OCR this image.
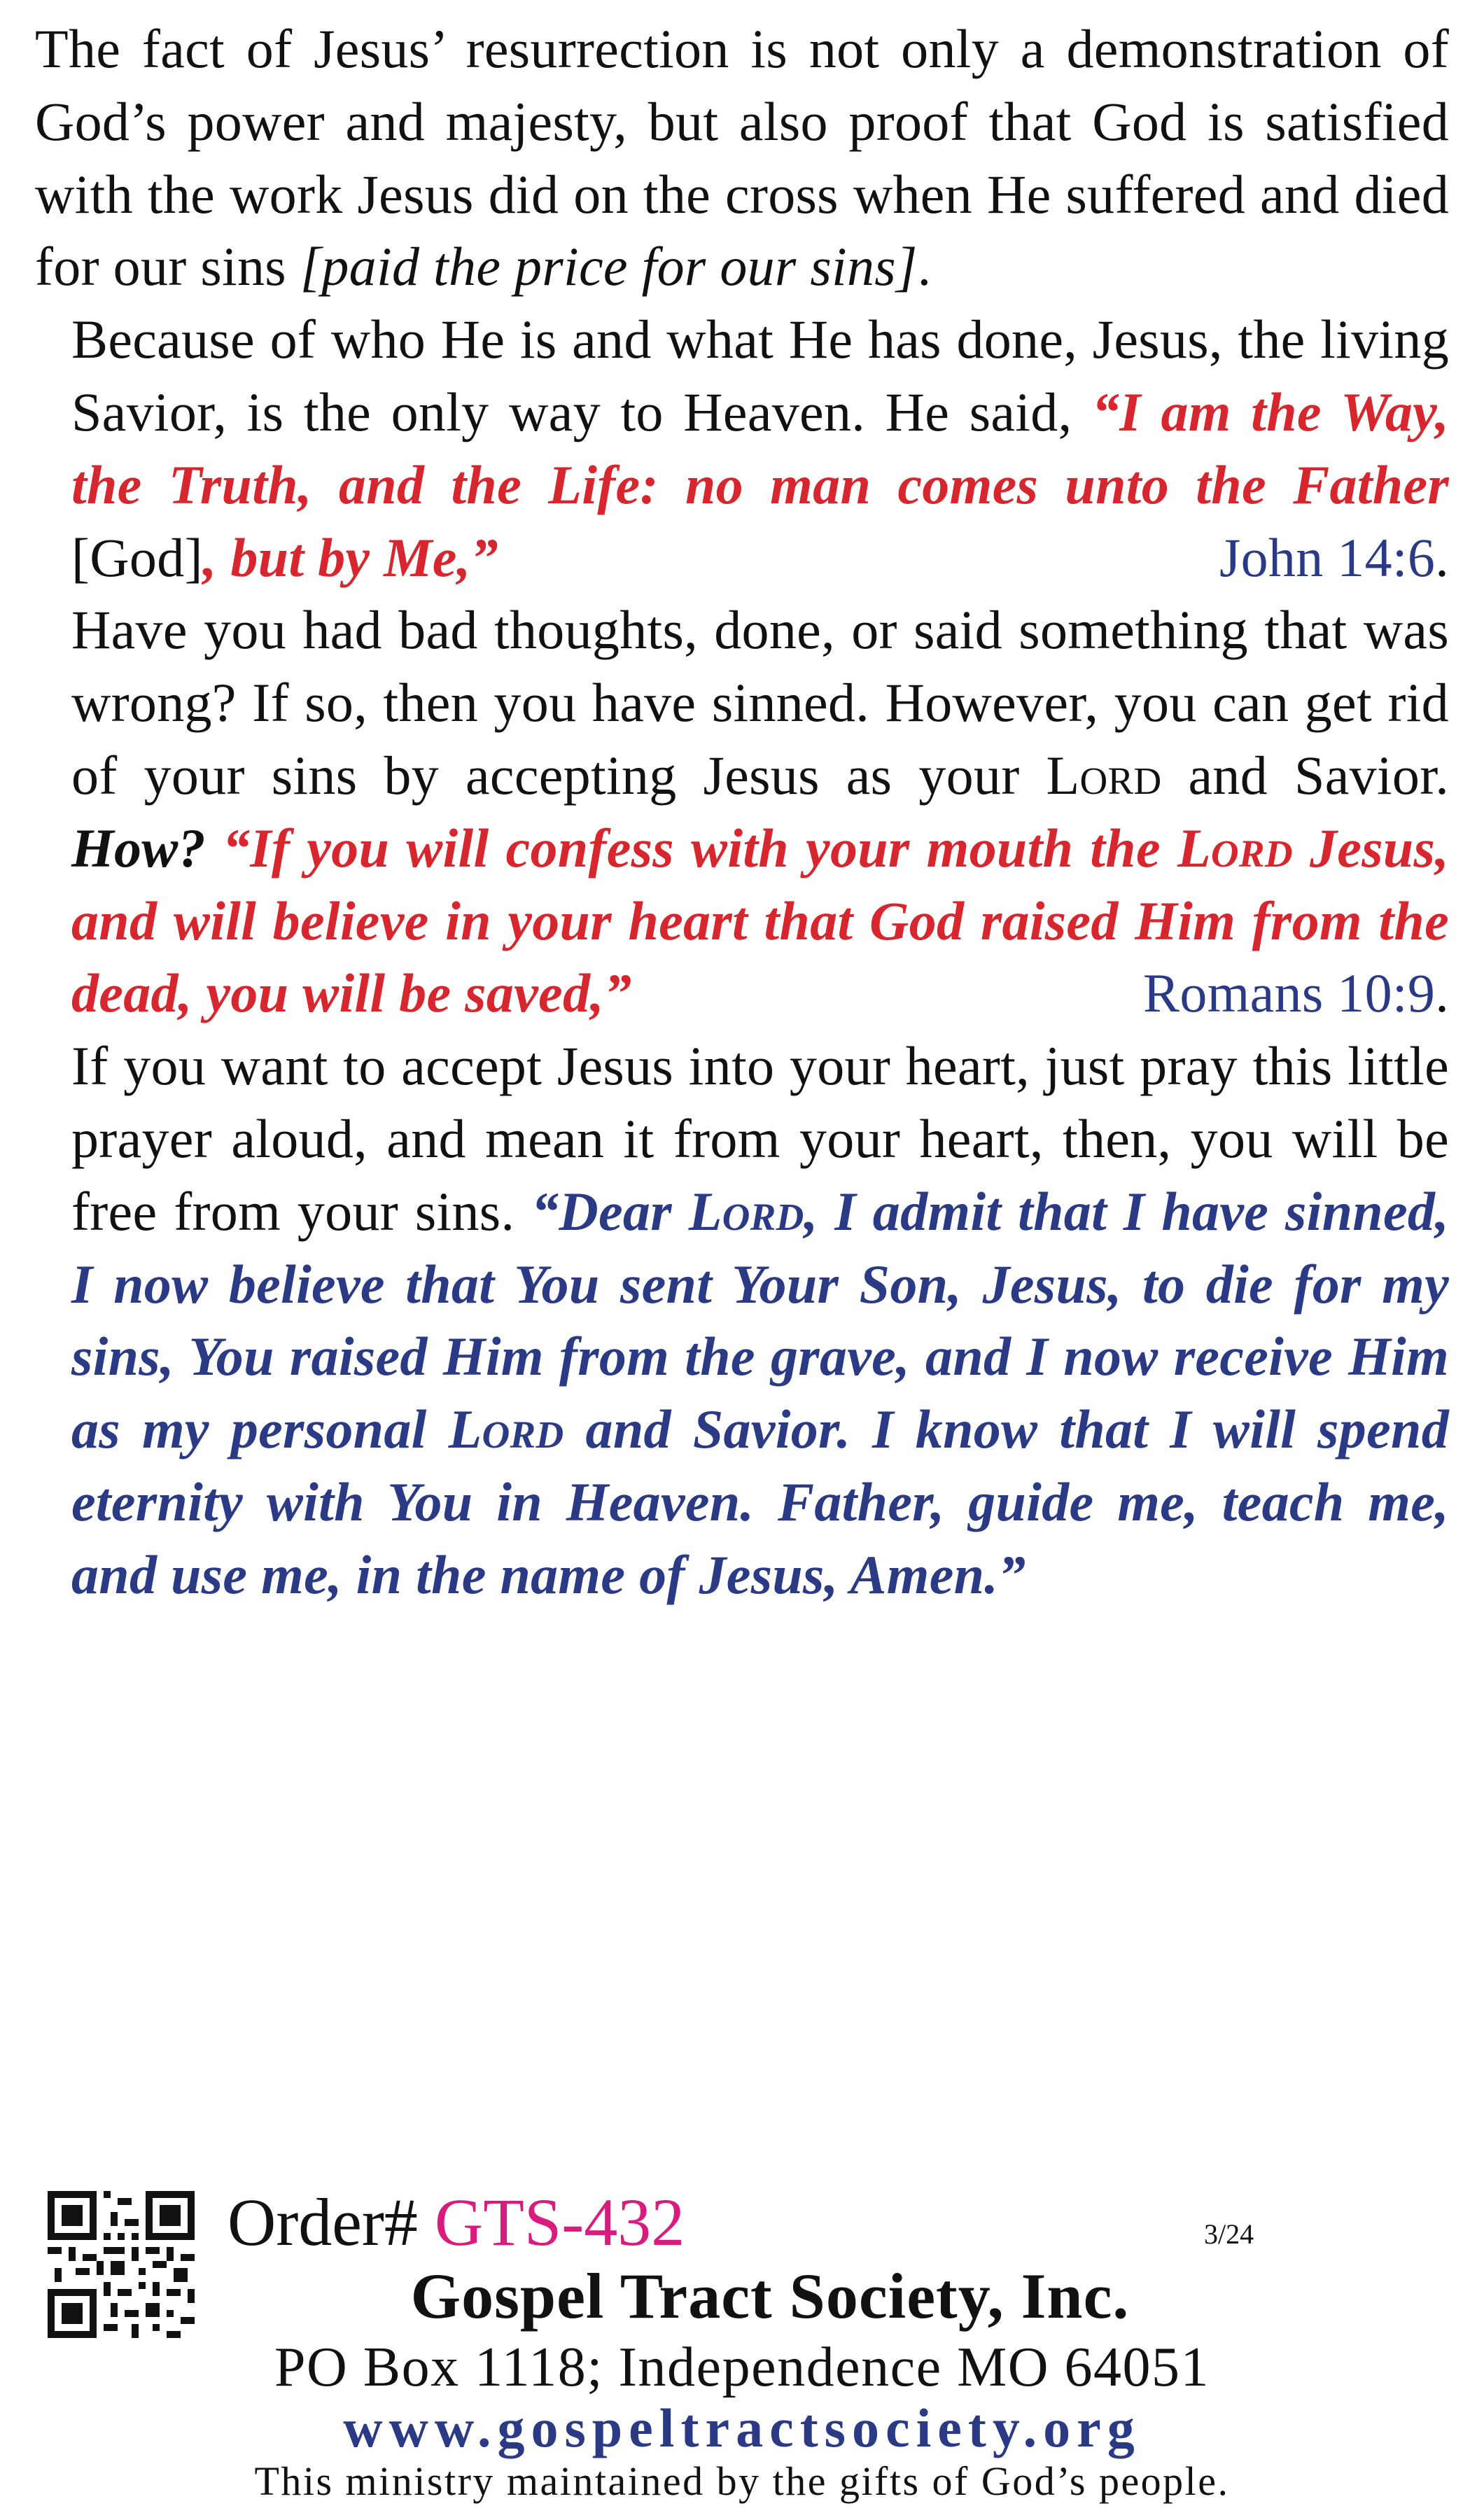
The fact of Jesus’ resurrection is not only a demonstration of God’s power and majesty, but also proof that God is satisfied with the work Jesus did on the cross when He suffered and died for our sins [paid the price for our sins].

Because of who He is and what He has done, Jesus, the living Savior, is the only way to Heaven. He said, “I am the Way, the Truth, and the Life: no man comes unto the Father [God], but by Me,”	John 14:6.

Have you had bad thoughts, done, or said something that was wrong? If so, then you have sinned. However, you can get rid of your sins by accepting Jesus as your Lord and Savior. How? “If you will confess with your mouth the Lord Jesus, and will believe in your heart that God raised Him from the dead, you will be saved,”	Romans 10:9.

If you want to accept Jesus into your heart, just pray this little prayer aloud, and mean it from your heart, then, you will be free from your sins. “Dear Lord, I admit that I have sinned, I now believe that You sent Your Son, Jesus, to die for my sins, You raised Him from the grave, and I now receive Him as my personal Lord and Savior. I know that I will spend eternity with You in Heaven. Father, guide me, teach me, and use me, in the name of Jesus, Amen.”

Order# GTS-432	3/24
Gospel Tract Society, Inc.
PO Box 1118; Independence MO 64051
www.gospeltractsociety.org
This ministry maintained by the gifts of God’s people.
